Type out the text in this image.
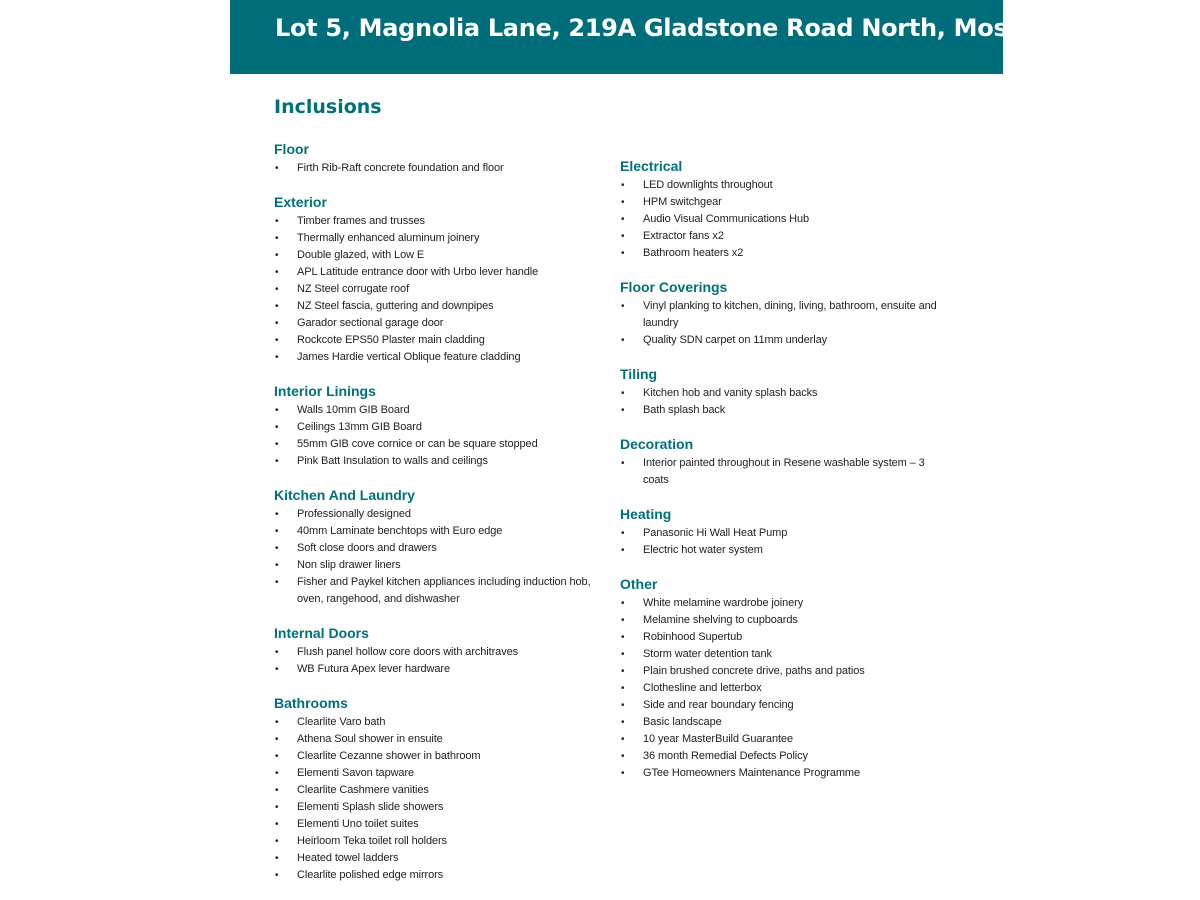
Lot 5, Magnolia Lane, 219A Gladstone Road North, Mosgiel
Inclusions
Floor
• Firth Rib-Raft concrete foundation and floor
Exterior
• Timber frames and trusses
• Thermally enhanced aluminum joinery
• Double glazed, with Low E
• APL Latitude entrance door with Urbo lever handle
• NZ Steel corrugate roof
• NZ Steel fascia, guttering and downpipes
• Garador sectional garage door
• Rockcote EPS50 Plaster main cladding
• James Hardie vertical Oblique feature cladding
Interior Linings
• Walls 10mm GIB Board
• Ceilings 13mm GIB Board
• 55mm GIB cove cornice or can be square stopped
• Pink Batt Insulation to walls and ceilings
Kitchen And Laundry
• Professionally designed
• 40mm Laminate benchtops with Euro edge
• Soft close doors and drawers
• Non slip drawer liners
• Fisher and Paykel kitchen appliances including induction hob, oven, rangehood, and dishwasher
Internal Doors
• Flush panel hollow core doors with architraves
• WB Futura Apex lever hardware
Bathrooms
• Clearlite Varo bath
• Athena Soul shower in ensuite
• Clearlite Cezanne shower in bathroom
• Elementi Savon tapware
• Clearlite Cashmere vanities
• Elementi Splash slide showers
• Elementi Uno toilet suites
• Heirloom Teka toilet roll holders
• Heated towel ladders
• Clearlite polished edge mirrors
Electrical
• LED downlights throughout
• HPM switchgear
• Audio Visual Communications Hub
• Extractor fans x2
• Bathroom heaters x2
Floor Coverings
• Vinyl planking to kitchen, dining, living, bathroom, ensuite and laundry
• Quality SDN carpet on 11mm underlay
Tiling
• Kitchen hob and vanity splash backs
• Bath splash back
Decoration
• Interior painted throughout in Resene washable system – 3 coats
Heating
• Panasonic Hi Wall Heat Pump
• Electric hot water system
Other
• White melamine wardrobe joinery
• Melamine shelving to cupboards
• Robinhood Supertub
• Storm water detention tank
• Plain brushed concrete drive, paths and patios
• Clothesline and letterbox
• Side and rear boundary fencing
• Basic landscape
• 10 year MasterBuild Guarantee
• 36 month Remedial Defects Policy
• GTee Homeowners Maintenance Programme
